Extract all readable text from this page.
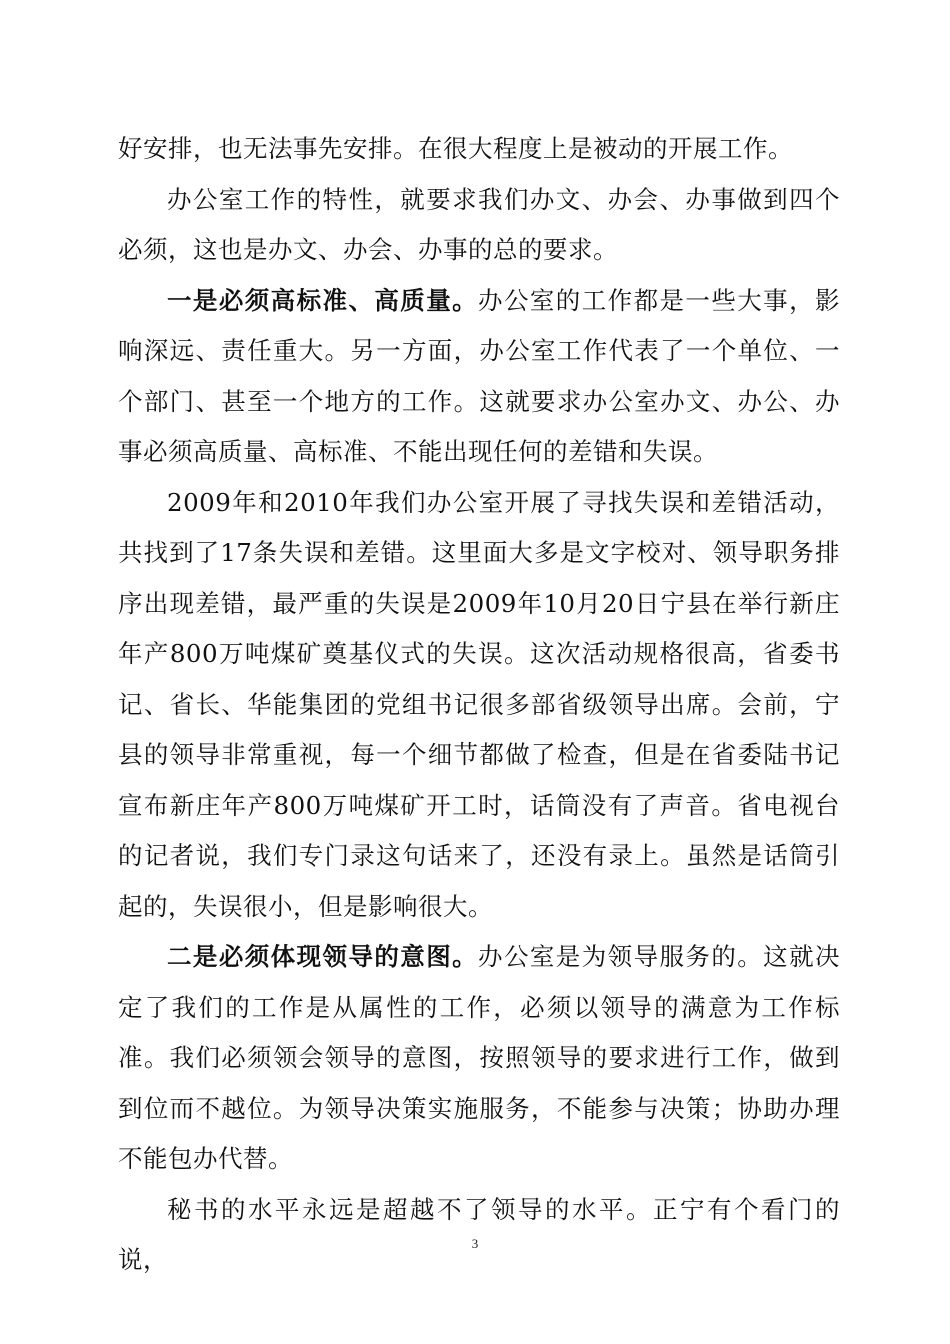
好安排，也无法事先安排。在很大程度上是被动的开展工作。

办公室工作的特性，就要求我们办文、办会、办事做到四个必须，这也是办文、办会、办事的总的要求。

一是必须高标准、高质量。办公室的工作都是一些大事，影响深远、责任重大。另一方面，办公室工作代表了一个单位、一个部门、甚至一个地方的工作。这就要求办公室办文、办公、办事必须高质量、高标准、不能出现任何的差错和失误。

2009年和2010年我们办公室开展了寻找失误和差错活动，共找到了17条失误和差错。这里面大多是文字校对、领导职务排序出现差错，最严重的失误是2009年10月20日宁县在举行新庄年产800万吨煤矿奠基仪式的失误。这次活动规格很高，省委书记、省长、华能集团的党组书记很多部省级领导出席。会前，宁县的领导非常重视，每一个细节都做了检查，但是在省委陆书记宣布新庄年产800万吨煤矿开工时，话筒没有了声音。省电视台的记者说，我们专门录这句话来了，还没有录上。虽然是话筒引起的，失误很小，但是影响很大。

二是必须体现领导的意图。办公室是为领导服务的。这就决定了我们的工作是从属性的工作，必须以领导的满意为工作标准。我们必须领会领导的意图，按照领导的要求进行工作，做到到位而不越位。为领导决策实施服务，不能参与决策；协助办理不能包办代替。

秘书的水平永远是超越不了领导的水平。正宁有个看门的说，

3
